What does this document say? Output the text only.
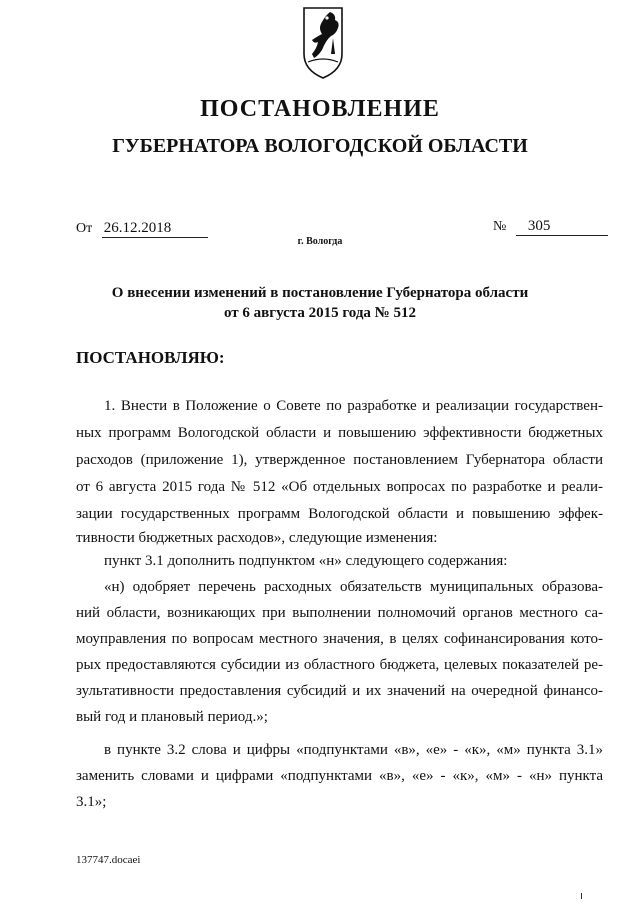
ПОСТАНОВЛЕНИЕ
ГУБЕРНАТОРА ВОЛОГОДСКОЙ ОБЛАСТИ
От 26.12.2018	№ 305
г. Вологда
О внесении изменений в постановление Губернатора области
от 6 августа 2015 года № 512
ПОСТАНОВЛЯЮ:
1. Внести в Положение о Совете по разработке и реализации государствен-
ных программ Вологодской области и повышению эффективности бюджетных
расходов (приложение 1), утвержденное постановлением Губернатора области
от 6 августа 2015 года № 512 «Об отдельных вопросах по разработке и реали-
зации государственных программ Вологодской области и повышению эффек-
тивности бюджетных расходов», следующие изменения:
пункт 3.1 дополнить подпунктом «н» следующего содержания:
«н) одобряет перечень расходных обязательств муниципальных образова-
ний области, возникающих при выполнении полномочий органов местного са-
моуправления по вопросам местного значения, в целях софинансирования кото-
рых предоставляются субсидии из областного бюджета, целевых показателей ре-
зультативности предоставления субсидий и их значений на очередной финансо-
вый год и плановый период.»;
в пункте 3.2 слова и цифры «подпунктами «в», «е» - «к», «м» пункта 3.1»
заменить словами и цифрами «подпунктами «в», «е» - «к», «м» - «н» пункта
3.1»;
137747.docaei
